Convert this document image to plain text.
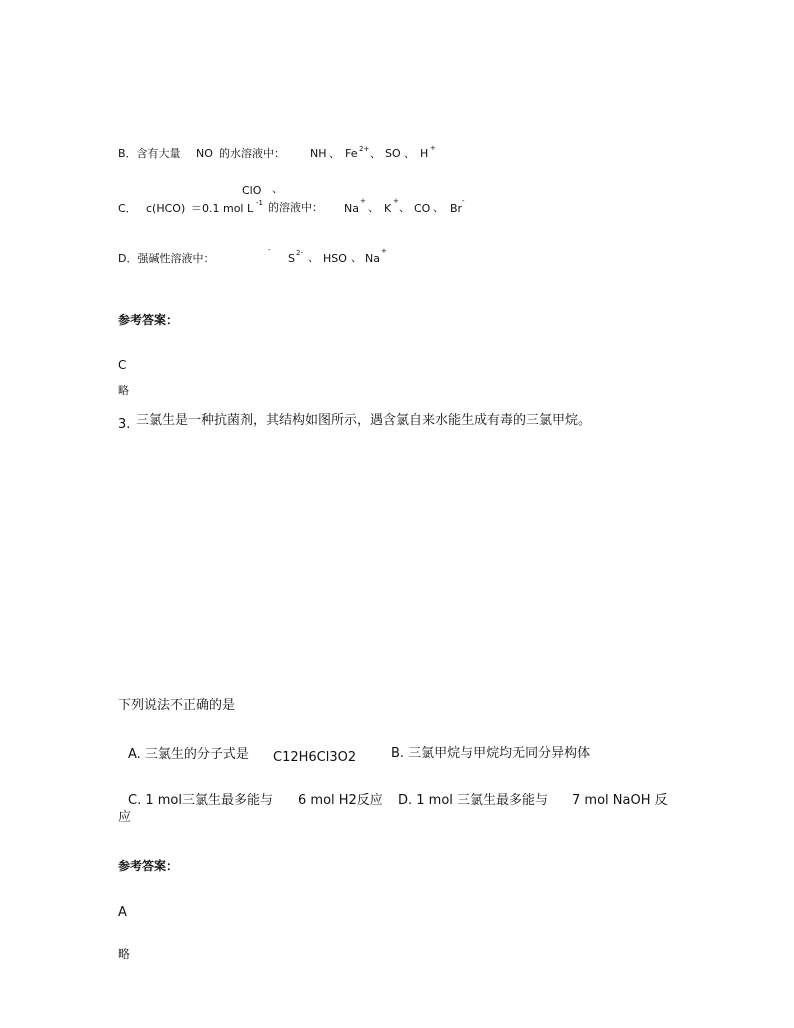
B．含有大量 NO 的水溶液中： NH 、 Fe 2+ 、 SO 、 H +
ClO 、
C． c(HCO) ＝0.1 mol L -1 的溶液中： Na
+ 、 K
+ 、 CO 、 Br
-
D．强碱性溶液中：
-
S 2- 、 HSO 、 Na
+
参考答案：
C
略
3. 三氯生是一种抗菌剂，其结构如图所示，遇含氯自来水能生成有毒的三氯甲烷。
下列说法不正确的是
A. 三氯生的分子式是 C12H6Cl3O2	B. 三氯甲烷与甲烷均无同分异构体
C. 1 mol三氯生最多能与 6 mol H2反应 D. 1 mol 三氯生最多能与 7 mol NaOH 反
应
参考答案：
A
略
